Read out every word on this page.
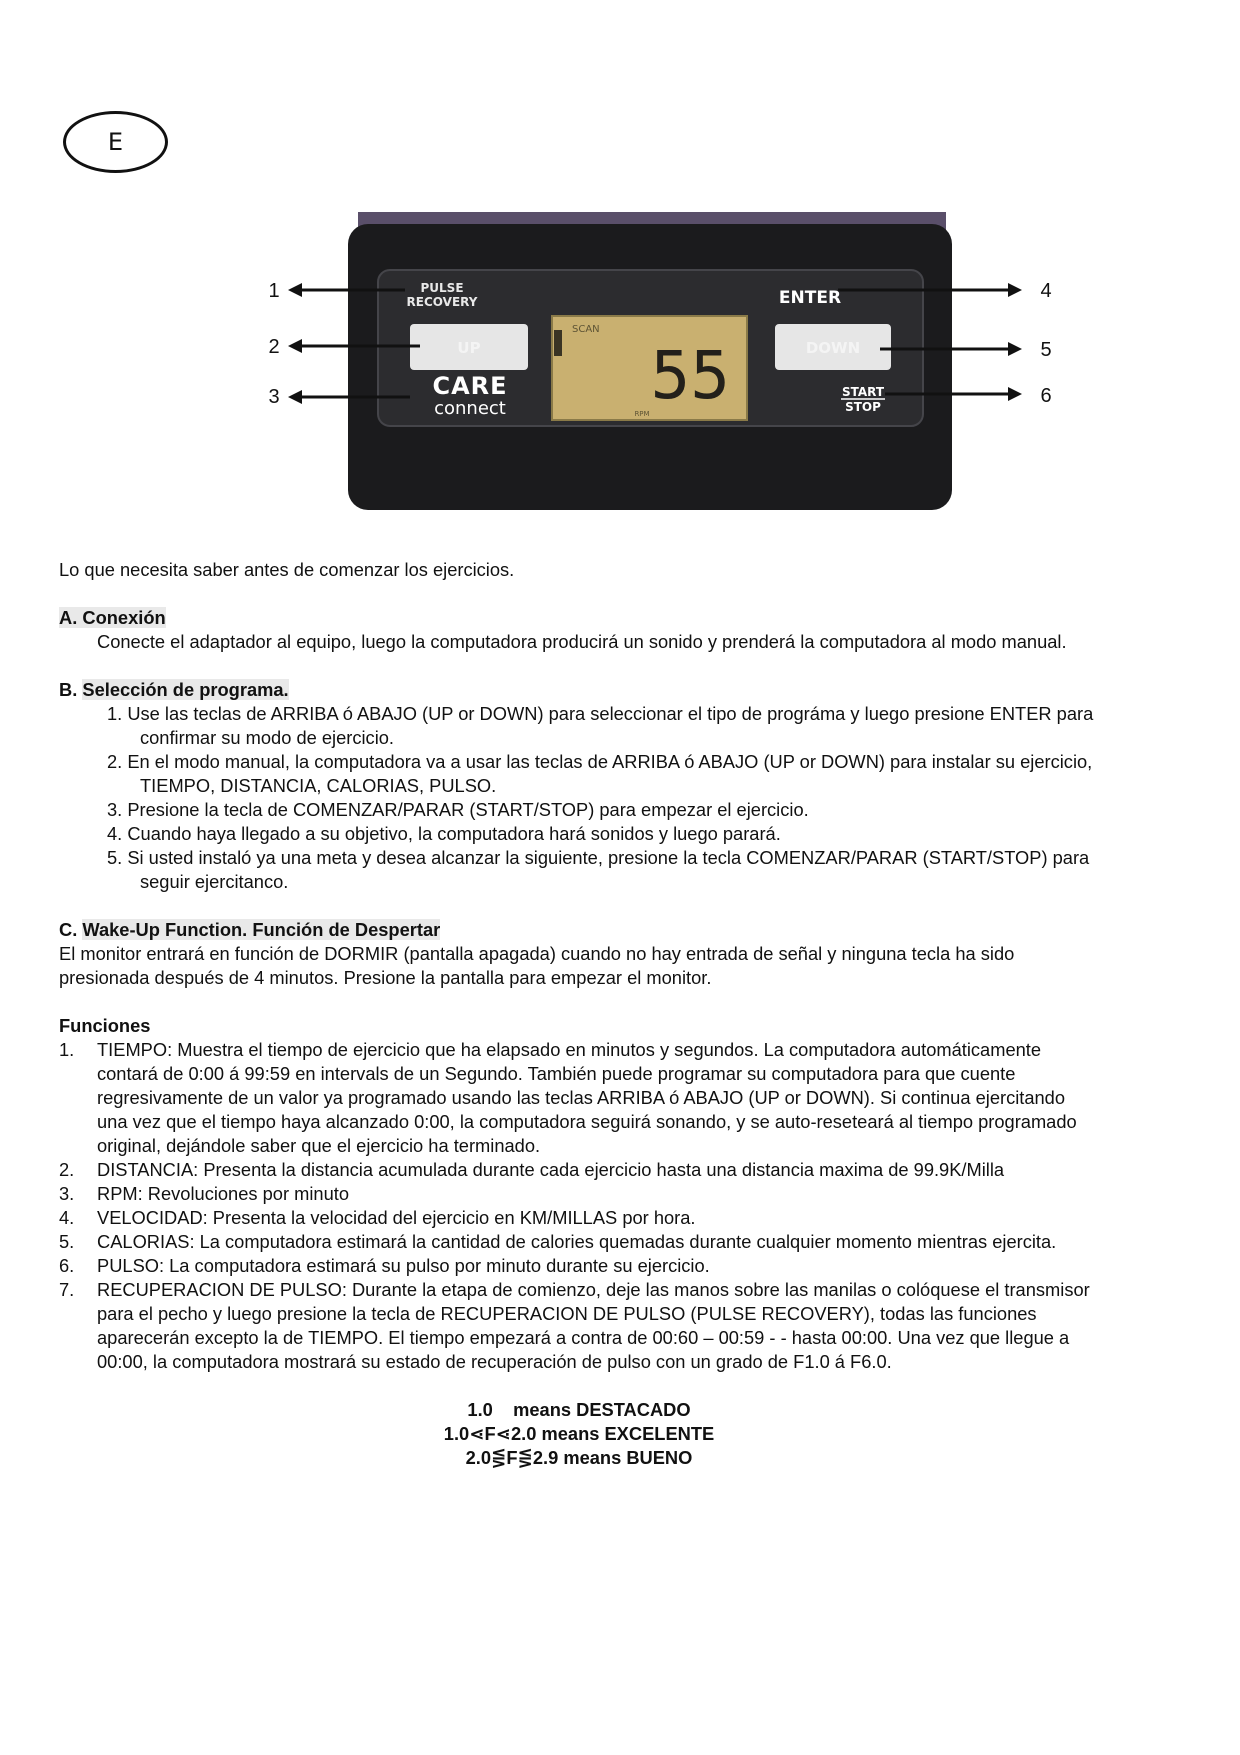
E
PULSE
RECOVERY
UP
CARE
connect
SCAN
55
RPM
ENTER
DOWN
START
STOP
1
2
3
4
5
6

Lo que necesita saber antes de comenzar los ejercicios.

A. Conexión

Conecte el adaptador al equipo, luego la computadora producirá un sonido y prenderá la computadora al modo manual.

B. Selección de programa.

1. Use las teclas de ARRIBA ó ABAJO (UP or DOWN) para seleccionar el tipo de prográma y luego presione ENTER para confirmar su modo de ejercicio.
2. En el modo manual, la computadora va a usar las teclas de ARRIBA ó ABAJO (UP or DOWN) para instalar su ejercicio, TIEMPO, DISTANCIA, CALORIAS, PULSO.
3. Presione la tecla de COMENZAR/PARAR (START/STOP) para empezar el ejercicio.
4. Cuando haya llegado a su objetivo, la computadora hará sonidos y luego parará.
5. Si usted instaló ya una meta y desea alcanzar la siguiente, presione la tecla COMENZAR/PARAR (START/STOP) para seguir ejercitanco.

C. Wake-Up Function. Función de Despertar

El monitor entrará en función de DORMIR (pantalla apagada) cuando no hay entrada de señal y ninguna tecla ha sido presionada después de 4 minutos. Presione la pantalla para empezar el monitor.

Funciones

1. TIEMPO: Muestra el tiempo de ejercicio que ha elapsado en minutos y segundos. La computadora automáticamente contará de 0:00 á 99:59 en intervals de un Segundo. También puede programar su computadora para que cuente regresivamente de un valor ya programado usando las teclas ARRIBA ó ABAJO (UP or DOWN). Si continua ejercitando una vez que el tiempo haya alcanzado 0:00, la computadora seguirá sonando, y se auto-reseteará al tiempo programado original, dejándole saber que el ejercicio ha terminado.
2. DISTANCIA: Presenta la distancia acumulada durante cada ejercicio hasta una distancia maxima de 99.9K/Milla
3. RPM: Revoluciones por minuto
4. VELOCIDAD: Presenta la velocidad del ejercicio en KM/MILLAS por hora.
5. CALORIAS: La computadora estimará la cantidad de calories quemadas durante cualquier momento mientras ejercita.
6. PULSO: La computadora estimará su pulso por minuto durante su ejercicio.
7. RECUPERACION DE PULSO: Durante la etapa de comienzo, deje las manos sobre las manilas o colóquese el transmisor para el pecho y luego presione la tecla de RECUPERACION DE PULSO (PULSE RECOVERY), todas las funciones aparecerán excepto la de TIEMPO. El tiempo empezará a contra de 00:60 – 00:59 - - hasta 00:00. Una vez que llegue a 00:00, la computadora mostrará su estado de recuperación de pulso con un grado de F1.0 á F6.0.

1.0    means DESTACADO

1.0⋖F⋖2.0 means EXCELENTE

2.0⋚F⋚2.9 means BUENO
